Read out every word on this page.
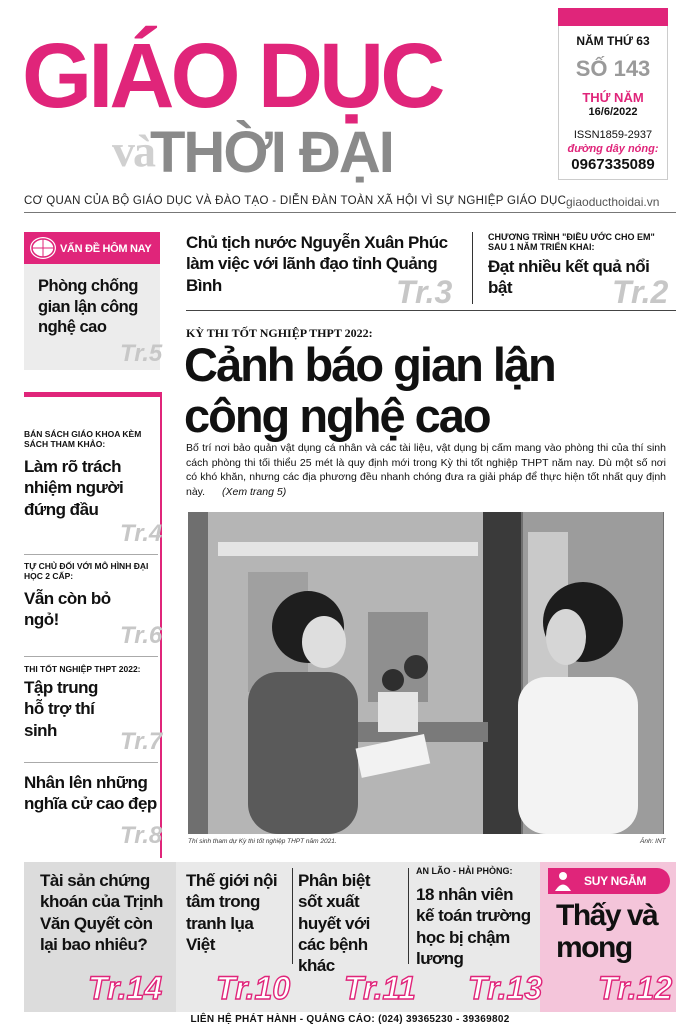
GIÁO DỤC
THỜI ĐẠI
và
NĂM THỨ 63
SỐ 143
THỨ NĂM
16/6/2022
ISSN1859-2937
đường dây nóng:
0967335089
CƠ QUAN CỦA BỘ GIÁO DỤC VÀ ĐÀO TẠO - DIỄN ĐÀN TOÀN XÃ HỘI VÌ SỰ NGHIỆP GIÁO DỤC giaoducthoidai.vn
Chủ tịch nước Nguyễn Xuân Phúc làm việc với lãnh đạo tỉnh Quảng Bình	Tr.3
CHƯƠNG TRÌNH "ĐIỀU ƯỚC CHO EM" SAU 1 NĂM TRIỂN KHAI:
Đạt nhiều kết quả nổi bật	Tr.2
KỲ THI TỐT NGHIỆP THPT 2022:
Cảnh báo gian lận công nghệ cao
Bố trí nơi bảo quản vật dụng cá nhân và các tài liệu, vật dụng bị cấm mang vào phòng thi của thí sinh cách phòng thi tối thiểu 25 mét là quy định mới trong Kỳ thi tốt nghiệp THPT năm nay. Dù một số nơi có khó khăn, nhưng các địa phương đều nhanh chóng đưa ra giải pháp để thực hiện tốt nhất quy định này. (Xem trang 5)
Thí sinh tham dự Kỳ thi tốt nghiệp THPT năm 2021.	Ảnh: INT
VẤN ĐỀ HÔM NAY
Phòng chống gian lận công nghệ cao
Tr.5
BÁN SÁCH GIÁO KHOA KÈM SÁCH THAM KHẢO:
Làm rõ trách nhiệm người đứng đầu
Tr.4
TỰ CHỦ ĐỐI VỚI MÔ HÌNH ĐẠI HỌC 2 CẤP:
Vẫn còn bỏ ngỏ!
Tr.6
THI TỐT NGHIỆP THPT 2022:
Tập trung hỗ trợ thí sinh	Tr.7
Nhân lên những nghĩa cử cao đẹp
Tr.8
Tài sản chứng khoán của Trịnh Văn Quyết còn lại bao nhiêu?
Tr.14
Thế giới nội tâm trong tranh lụa Việt
Tr.10
Phân biệt sốt xuất huyết với các bệnh khác
Tr.11
AN LÃO - HẢI PHÒNG:
18 nhân viên kế toán trường học bị chậm lương
Tr.13
SUY NGẪM
Thấy và mong
Tr.12
LIÊN HỆ PHÁT HÀNH - QUẢNG CÁO: (024) 39365230 - 39369802
